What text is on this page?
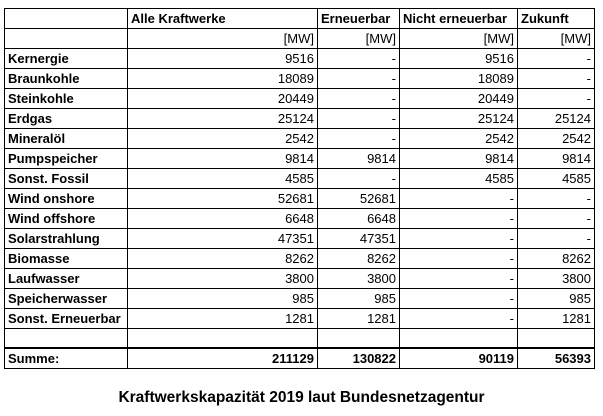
	Alle Kraftwerke	Erneuerbar	Nicht erneuerbar	Zukunft
	[MW]	[MW]	[MW]	[MW]
Kernergie	9516	-	9516	-
Braunkohle	18089	-	18089	-
Steinkohle	20449	-	20449	-
Erdgas	25124	-	25124	25124
Mineralöl	2542	-	2542	2542
Pumpspeicher	9814	9814	9814	9814
Sonst. Fossil	4585	-	4585	4585
Wind onshore	52681	52681	-	-
Wind offshore	6648	6648	-	-
Solarstrahlung	47351	47351	-	-
Biomasse	8262	8262	-	8262
Laufwasser	3800	3800	-	3800
Speicherwasser	985	985	-	985
Sonst. Erneuerbar	1281	1281	-	1281

Summe:	211129	130822	90119	56393
Kraftwerkskapazität 2019 laut Bundesnetzagentur
